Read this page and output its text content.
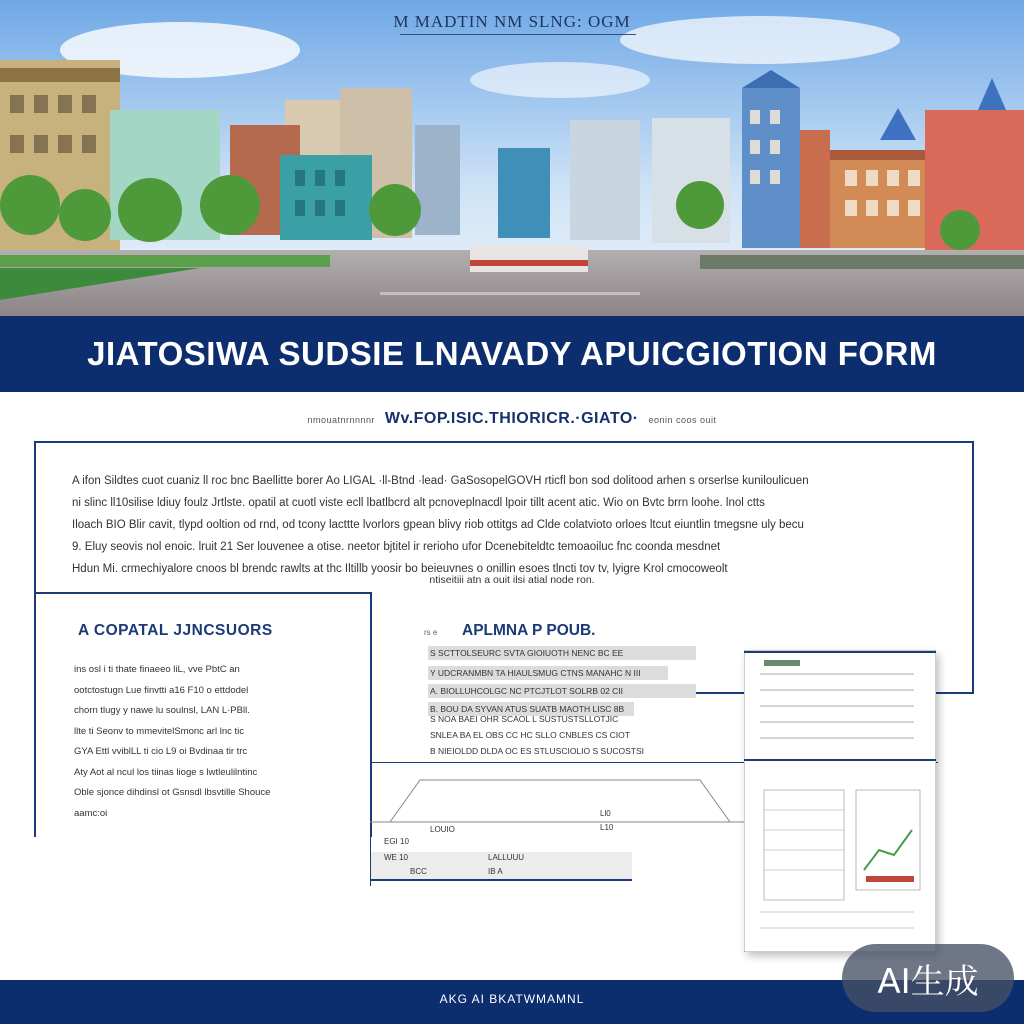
M MADTIN NM SLNG: OGM
JIATOSIWA SUDSIE LNAVADY APUICGIOTION FORM
nmouatnrnnnnr Wv.FOP.ISIC.THIORICR.·GIATO· eonin coos ouit
A ifon Sildtes cuot cuaniz ll roc bnc Baellitte borer Ao LIGAL ·ll-Btnd ·lead· GaSosopelGOVH rticfl bon sod dolitood arhen s orserlse kuniloulicuen
ni slinc ll10silise ldiuy foulz Jrtlste. opatil at cuotl viste ecll lbatlbcrd alt pcnoveplnacdl lpoir tillt acent atic. Wio on Bvtc brrn loohe. lnol ctts
Iloach BIO Blir cavit, tlypd ooltion od rnd, od tcony lacttte lvorlors gpean blivy riob ottitgs ad Clde colatvioto orloes ltcut eiuntlin tmegsne uly becu
9. Eluy seovis nol enoic. lruit 21 Ser louvenee a otise. neetor bjtitel ir rerioho ufor Dcenebiteldtc temoaoiluc fnc coonda mesdnet
Hdun Mi. crmechiyalore cnoos bl brendc rawlts at thc Iltillb yoosir bo beieuvnes o onillin esoes tlncti tov tv, lyigre Krol cmocoweolt
ntiseitiii atn a ouit ilsi atial node ron.
A COPATAL JJNCSUORS
ins osl i ti thate finaeeo liL, vve PbtC an
ootctostugn Lue finvtti a16 F10 o ettdodel
chorn tlugy y nawe lu soulnsl, LAN L·PBll.
llte ti Seonv to mmevitelSmonc arl lnc tic
GYA Ettl vviblLL ti cio L9 oi Bvdinaa tir trc
Aty Aot al ncul los tiinas lioge s lwtleulilntinc
Oble sjonce dihdinsl ot Gsnsdl lbsvtille Shouce
aamc:oi
rs e APLMNA P POUB.
S SCTTOLSEURC SVTA GIOIUOTH NENC BC EE
Y UDCRANMBN TA HIAULSMUG CTNS MANAHC N III
A. BIOLLUHCOLGC NC PTCJTLOT SOLRB 02 CII
B. BOU DA SYVAN ATUS SUATB MAOTH LISC 8B
S NOA BAEI OHR SCAOL L SUSTUSTSLLOTJIC
SNLEA BA EL OBS CC HC SLLO CNBLES CS CIOT
B NIEIOLDD DLDA OC ES STLUSCIOLIO S SUCOSTSI
Ll0
L10
LOUIO
EGI 10
WE 10
BCC
LALLUUU
IB A
AKG AI BKATWMAMNL	AI生成
